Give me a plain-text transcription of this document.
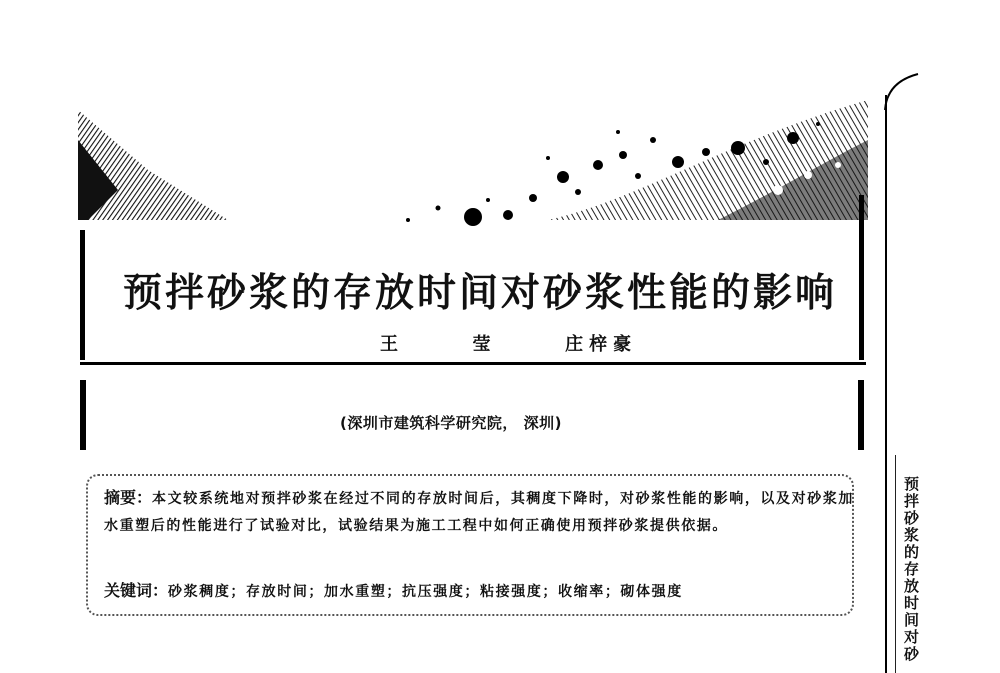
预拌砂浆的存放时间对砂浆性能的影响
王  莹  庄梓豪
(深圳市建筑科学研究院， 深圳)

摘要：本文较系统地对预拌砂浆在经过不同的存放时间后，其稠度下降时，对砂浆性能的影响，以及对砂浆加水重塑后的性能进行了试验对比，试验结果为施工工程中如何正确使用预拌砂浆提供依据。

关键词：砂浆稠度；存放时间；加水重塑；抗压强度；粘接强度；收缩率；砌体强度	预拌砂浆的存放时间对砂
